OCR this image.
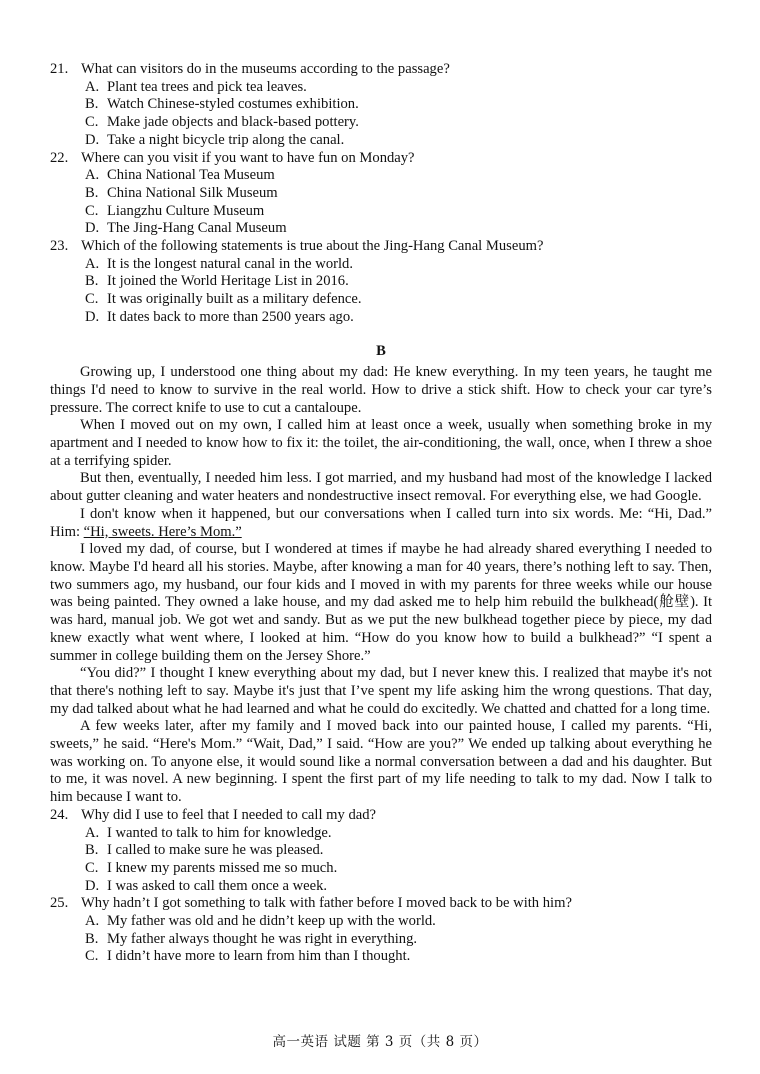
21. What can visitors do in the museums according to the passage?

A. Plant tea trees and pick tea leaves.

B. Watch Chinese-styled costumes exhibition.

C. Make jade objects and black-based pottery.

D. Take a night bicycle trip along the canal.

22. Where can you visit if you want to have fun on Monday?

A. China National Tea Museum

B. China National Silk Museum

C. Liangzhu Culture Museum

D. The Jing-Hang Canal Museum

23. Which of the following statements is true about the Jing-Hang Canal Museum?

A. It is the longest natural canal in the world.

B. It joined the World Heritage List in 2016.

C. It was originally built as a military defence.

D. It dates back to more than 2500 years ago.

B

Growing up, I understood one thing about my dad: He knew everything. In my teen years, he taught me things I'd need to know to survive in the real world. How to drive a stick shift. How to check your car tyre’s pressure. The correct knife to use to cut a cantaloupe.

When I moved out on my own, I called him at least once a week, usually when something broke in my apartment and I needed to know how to fix it: the toilet, the air-conditioning, the wall, once, when I threw a shoe at a terrifying spider.

But then, eventually, I needed him less. I got married, and my husband had most of the knowledge I lacked about gutter cleaning and water heaters and nondestructive insect removal. For everything else, we had Google.

I don't know when it happened, but our conversations when I called turn into six words. Me: “Hi, Dad.” Him: “Hi, sweets. Here’s Mom.”

I loved my dad, of course, but I wondered at times if maybe he had already shared everything I needed to know. Maybe I'd heard all his stories. Maybe, after knowing a man for 40 years, there’s nothing left to say. Then, two summers ago, my husband, our four kids and I moved in with my parents for three weeks while our house was being painted. They owned a lake house, and my dad asked me to help him rebuild the bulkhead(舱壁). It was hard, manual job. We got wet and sandy. But as we put the new bulkhead together piece by piece, my dad knew exactly what went where, I looked at him. “How do you know how to build a bulkhead?” “I spent a summer in college building them on the Jersey Shore.”

“You did?” I thought I knew everything about my dad, but I never knew this. I realized that maybe it's not that there's nothing left to say. Maybe it's just that I’ve spent my life asking him the wrong questions. That day, my dad talked about what he had learned and what he could do excitedly. We chatted and chatted for a long time.

A few weeks later, after my family and I moved back into our painted house, I called my parents. “Hi, sweets,” he said. “Here's Mom.” “Wait, Dad,” I said. “How are you?” We ended up talking about everything he was working on. To anyone else, it would sound like a normal conversation between a dad and his daughter. But to me, it was novel. A new beginning. I spent the first part of my life needing to talk to my dad. Now I talk to him because I want to.

24. Why did I use to feel that I needed to call my dad?

A. I wanted to talk to him for knowledge.

B. I called to make sure he was pleased.

C. I knew my parents missed me so much.

D. I was asked to call them once a week.

25. Why hadn’t I got something to talk with father before I moved back to be with him?

A. My father was old and he didn’t keep up with the world.

B. My father always thought he was right in everything.

C. I didn’t have more to learn from him than I thought.

高一英语 试题 第 3 页（共 8 页）
